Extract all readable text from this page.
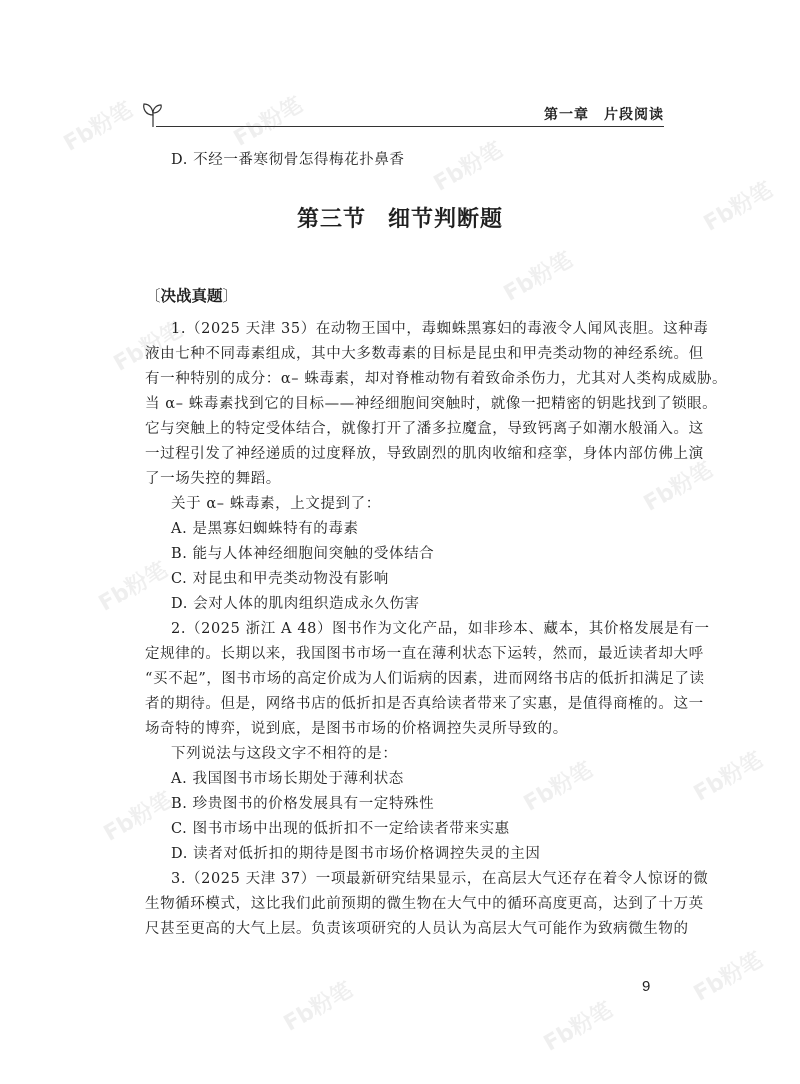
Fb粉笔	Fb粉笔
Fb粉笔
Fb粉笔
Fb粉笔
Fb粉笔
Fb粉笔
Fb粉笔
Fb粉笔	Fb粉笔
Fb粉笔
Fb粉笔	Fb粉笔
Fb粉笔
第一章　片段阅读
D. 不经一番寒彻骨怎得梅花扑鼻香
第三节 细节判断题
〔决战真题〕
1.（2025 天津 35）在动物王国中，毒蜘蛛黑寡妇的毒液令人闻风丧胆。这种毒
液由七种不同毒素组成，其中大多数毒素的目标是昆虫和甲壳类动物的神经系统。但
有一种特别的成分：α– 蛛毒素，却对脊椎动物有着致命杀伤力，尤其对人类构成威胁。
当 α– 蛛毒素找到它的目标——神经细胞间突触时，就像一把精密的钥匙找到了锁眼。
它与突触上的特定受体结合，就像打开了潘多拉魔盒，导致钙离子如潮水般涌入。这
一过程引发了神经递质的过度释放，导致剧烈的肌肉收缩和痉挛，身体内部仿佛上演
了一场失控的舞蹈。
关于 α– 蛛毒素，上文提到了：
A. 是黑寡妇蜘蛛特有的毒素
B. 能与人体神经细胞间突触的受体结合
C. 对昆虫和甲壳类动物没有影响
D. 会对人体的肌肉组织造成永久伤害
2.（2025 浙江 A 48）图书作为文化产品，如非珍本、藏本，其价格发展是有一
定规律的。长期以来，我国图书市场一直在薄利状态下运转，然而，最近读者却大呼
“买不起”，图书市场的高定价成为人们诟病的因素，进而网络书店的低折扣满足了读
者的期待。但是，网络书店的低折扣是否真给读者带来了实惠，是值得商榷的。这一
场奇特的博弈，说到底，是图书市场的价格调控失灵所导致的。
下列说法与这段文字不相符的是：
A. 我国图书市场长期处于薄利状态
B. 珍贵图书的价格发展具有一定特殊性
C. 图书市场中出现的低折扣不一定给读者带来实惠
D. 读者对低折扣的期待是图书市场价格调控失灵的主因
3.（2025 天津 37）一项最新研究结果显示，在高层大气还存在着令人惊讶的微
生物循环模式，这比我们此前预期的微生物在大气中的循环高度更高，达到了十万英
尺甚至更高的大气上层。负责该项研究的人员认为高层大气可能作为致病微生物的
9
